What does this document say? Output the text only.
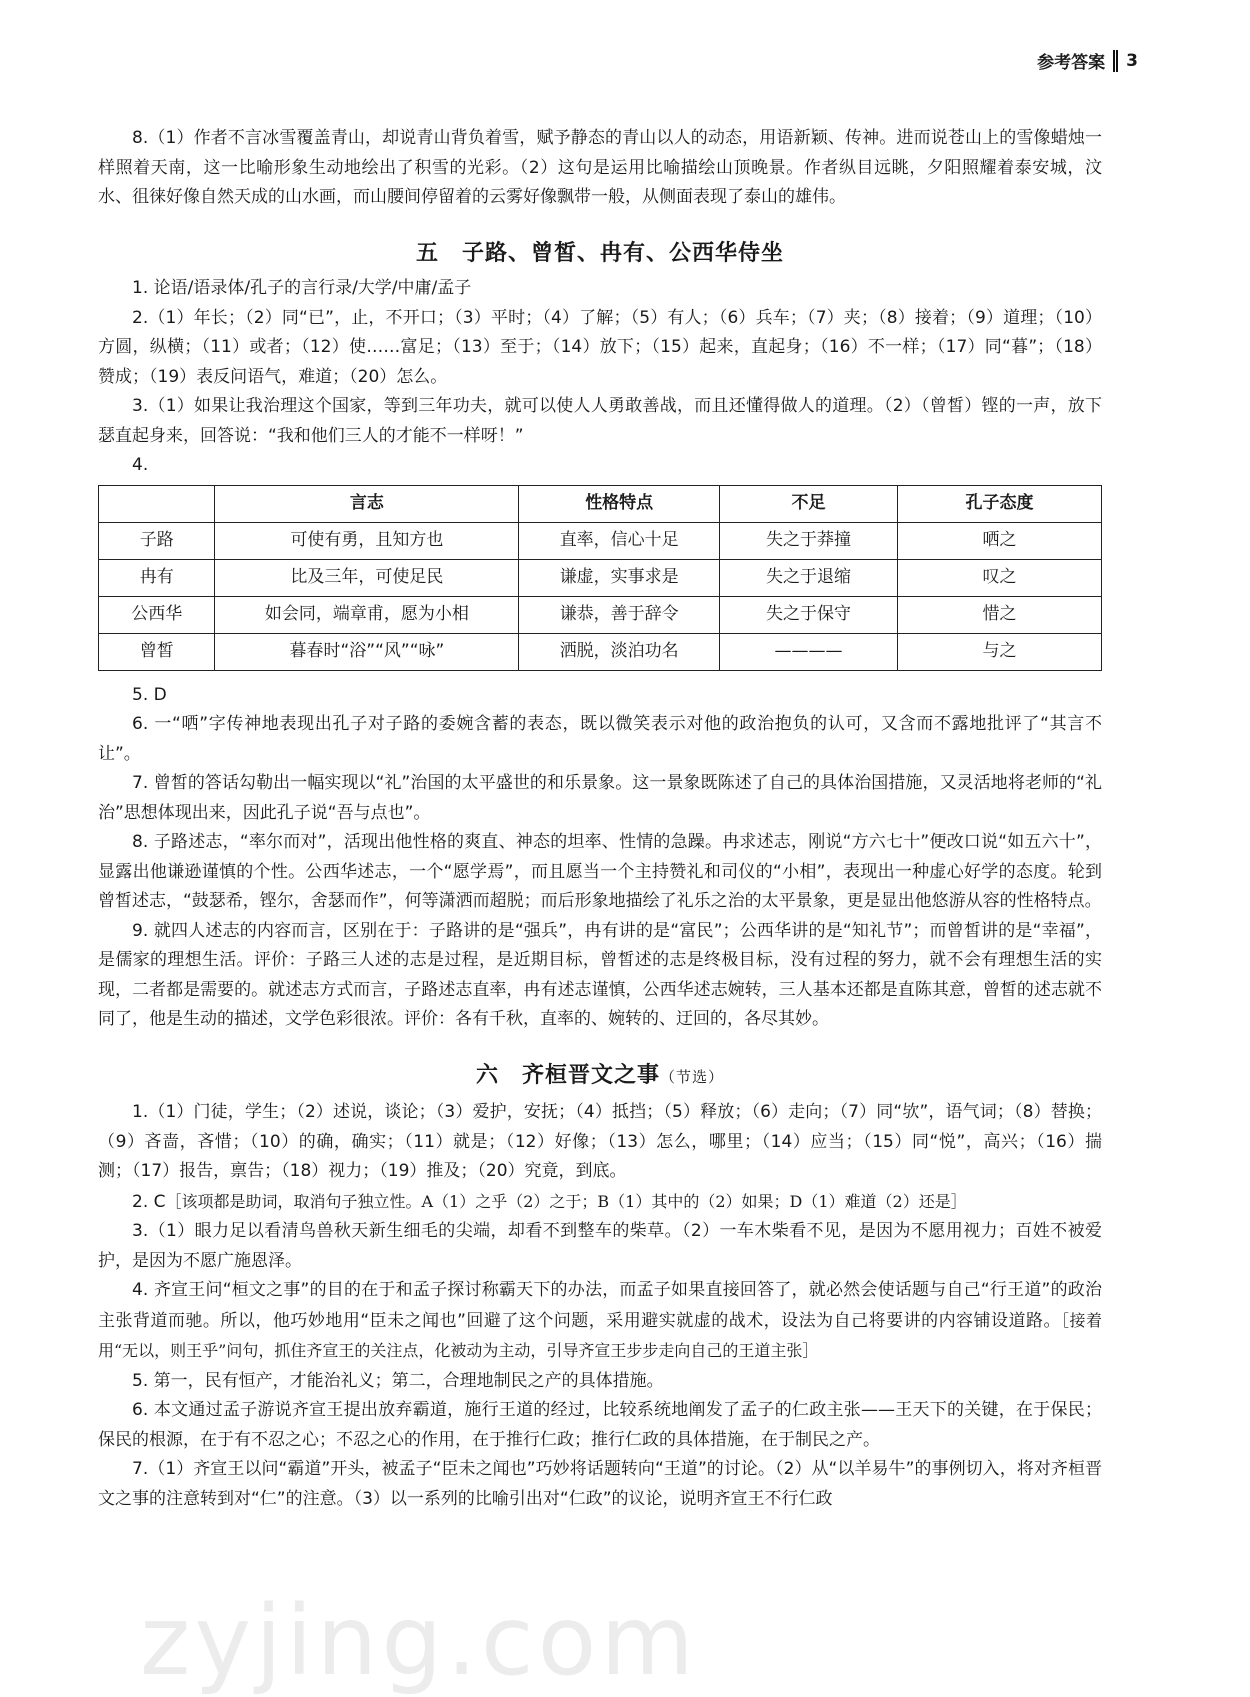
参考答案 3

8.（1）作者不言冰雪覆盖青山，却说青山背负着雪，赋予静态的青山以人的动态，用语新颖、传神。进而说苍山上的雪像蜡烛一样照着天南，这一比喻形象生动地绘出了积雪的光彩。（2）这句是运用比喻描绘山顶晚景。作者纵目远眺，夕阳照耀着泰安城，汶水、徂徕好像自然天成的山水画，而山腰间停留着的云雾好像飘带一般，从侧面表现了泰山的雄伟。

五　子路、曾皙、冉有、公西华侍坐

1. 论语/语录体/孔子的言行录/大学/中庸/孟子

2.（1）年长；（2）同“已”，止，不开口；（3）平时；（4）了解；（5）有人；（6）兵车；（7）夹；（8）接着；（9）道理；（10）方圆，纵横；（11）或者；（12）使……富足；（13）至于；（14）放下；（15）起来，直起身；（16）不一样；（17）同“暮”；（18）赞成；（19）表反问语气，难道；（20）怎么。

3.（1）如果让我治理这个国家，等到三年功夫，就可以使人人勇敢善战，而且还懂得做人的道理。（2）（曾皙）铿的一声，放下瑟直起身来，回答说：“我和他们三人的才能不一样呀！”

4.

	言志	性格特点	不足	孔子态度
子路	可使有勇，且知方也	直率，信心十足	失之于莽撞	哂之
冉有	比及三年，可使足民	谦虚，实事求是	失之于退缩	叹之
公西华	如会同，端章甫，愿为小相	谦恭，善于辞令	失之于保守	惜之
曾皙	暮春时“浴”“风”“咏”	洒脱，淡泊功名	————	与之

5. D

6. 一“哂”字传神地表现出孔子对子路的委婉含蓄的表态，既以微笑表示对他的政治抱负的认可，又含而不露地批评了“其言不让”。

7. 曾皙的答话勾勒出一幅实现以“礼”治国的太平盛世的和乐景象。这一景象既陈述了自己的具体治国措施，又灵活地将老师的“礼治”思想体现出来，因此孔子说“吾与点也”。

8. 子路述志，“率尔而对”，活现出他性格的爽直、神态的坦率、性情的急躁。冉求述志，刚说“方六七十”便改口说“如五六十”，显露出他谦逊谨慎的个性。公西华述志，一个“愿学焉”，而且愿当一个主持赞礼和司仪的“小相”，表现出一种虚心好学的态度。轮到曾皙述志，“鼓瑟希，铿尔，舍瑟而作”，何等潇洒而超脱；而后形象地描绘了礼乐之治的太平景象，更是显出他悠游从容的性格特点。

9. 就四人述志的内容而言，区别在于：子路讲的是“强兵”，冉有讲的是“富民”；公西华讲的是“知礼节”；而曾皙讲的是“幸福”，是儒家的理想生活。评价：子路三人述的志是过程，是近期目标，曾皙述的志是终极目标，没有过程的努力，就不会有理想生活的实现，二者都是需要的。就述志方式而言，子路述志直率，冉有述志谨慎，公西华述志婉转，三人基本还都是直陈其意，曾皙的述志就不同了，他是生动的描述，文学色彩很浓。评价：各有千秋，直率的、婉转的、迂回的，各尽其妙。

六　齐桓晋文之事（节选）

1.（1）门徒，学生；（2）述说，谈论；（3）爱护，安抚；（4）抵挡；（5）释放；（6）走向；（7）同“欤”，语气词；（8）替换；（9）吝啬，吝惜；（10）的确，确实；（11）就是；（12）好像；（13）怎么，哪里；（14）应当；（15）同“悦”，高兴；（16）揣测；（17）报告，禀告；（18）视力；（19）推及；（20）究竟，到底。

2. C［该项都是助词，取消句子独立性。A（1）之乎（2）之于；B（1）其中的（2）如果；D（1）难道（2）还是］

3.（1）眼力足以看清鸟兽秋天新生细毛的尖端，却看不到整车的柴草。（2）一车木柴看不见，是因为不愿用视力；百姓不被爱护，是因为不愿广施恩泽。

4. 齐宣王问“桓文之事”的目的在于和孟子探讨称霸天下的办法，而孟子如果直接回答了，就必然会使话题与自己“行王道”的政治主张背道而驰。所以，他巧妙地用“臣未之闻也”回避了这个问题，采用避实就虚的战术，设法为自己将要讲的内容铺设道路。［接着用“无以，则王乎”问句，抓住齐宣王的关注点，化被动为主动，引导齐宣王步步走向自己的王道主张］

5. 第一，民有恒产，才能治礼义；第二，合理地制民之产的具体措施。

6. 本文通过孟子游说齐宣王提出放弃霸道，施行王道的经过，比较系统地阐发了孟子的仁政主张——王天下的关键，在于保民；保民的根源，在于有不忍之心；不忍之心的作用，在于推行仁政；推行仁政的具体措施，在于制民之产。

7.（1）齐宣王以问“霸道”开头，被孟子“臣未之闻也”巧妙将话题转向“王道”的讨论。（2）从“以羊易牛”的事例切入，将对齐桓晋文之事的注意转到对“仁”的注意。（3）以一系列的比喻引出对“仁政”的议论，说明齐宣王不行仁政

zyjing.com
